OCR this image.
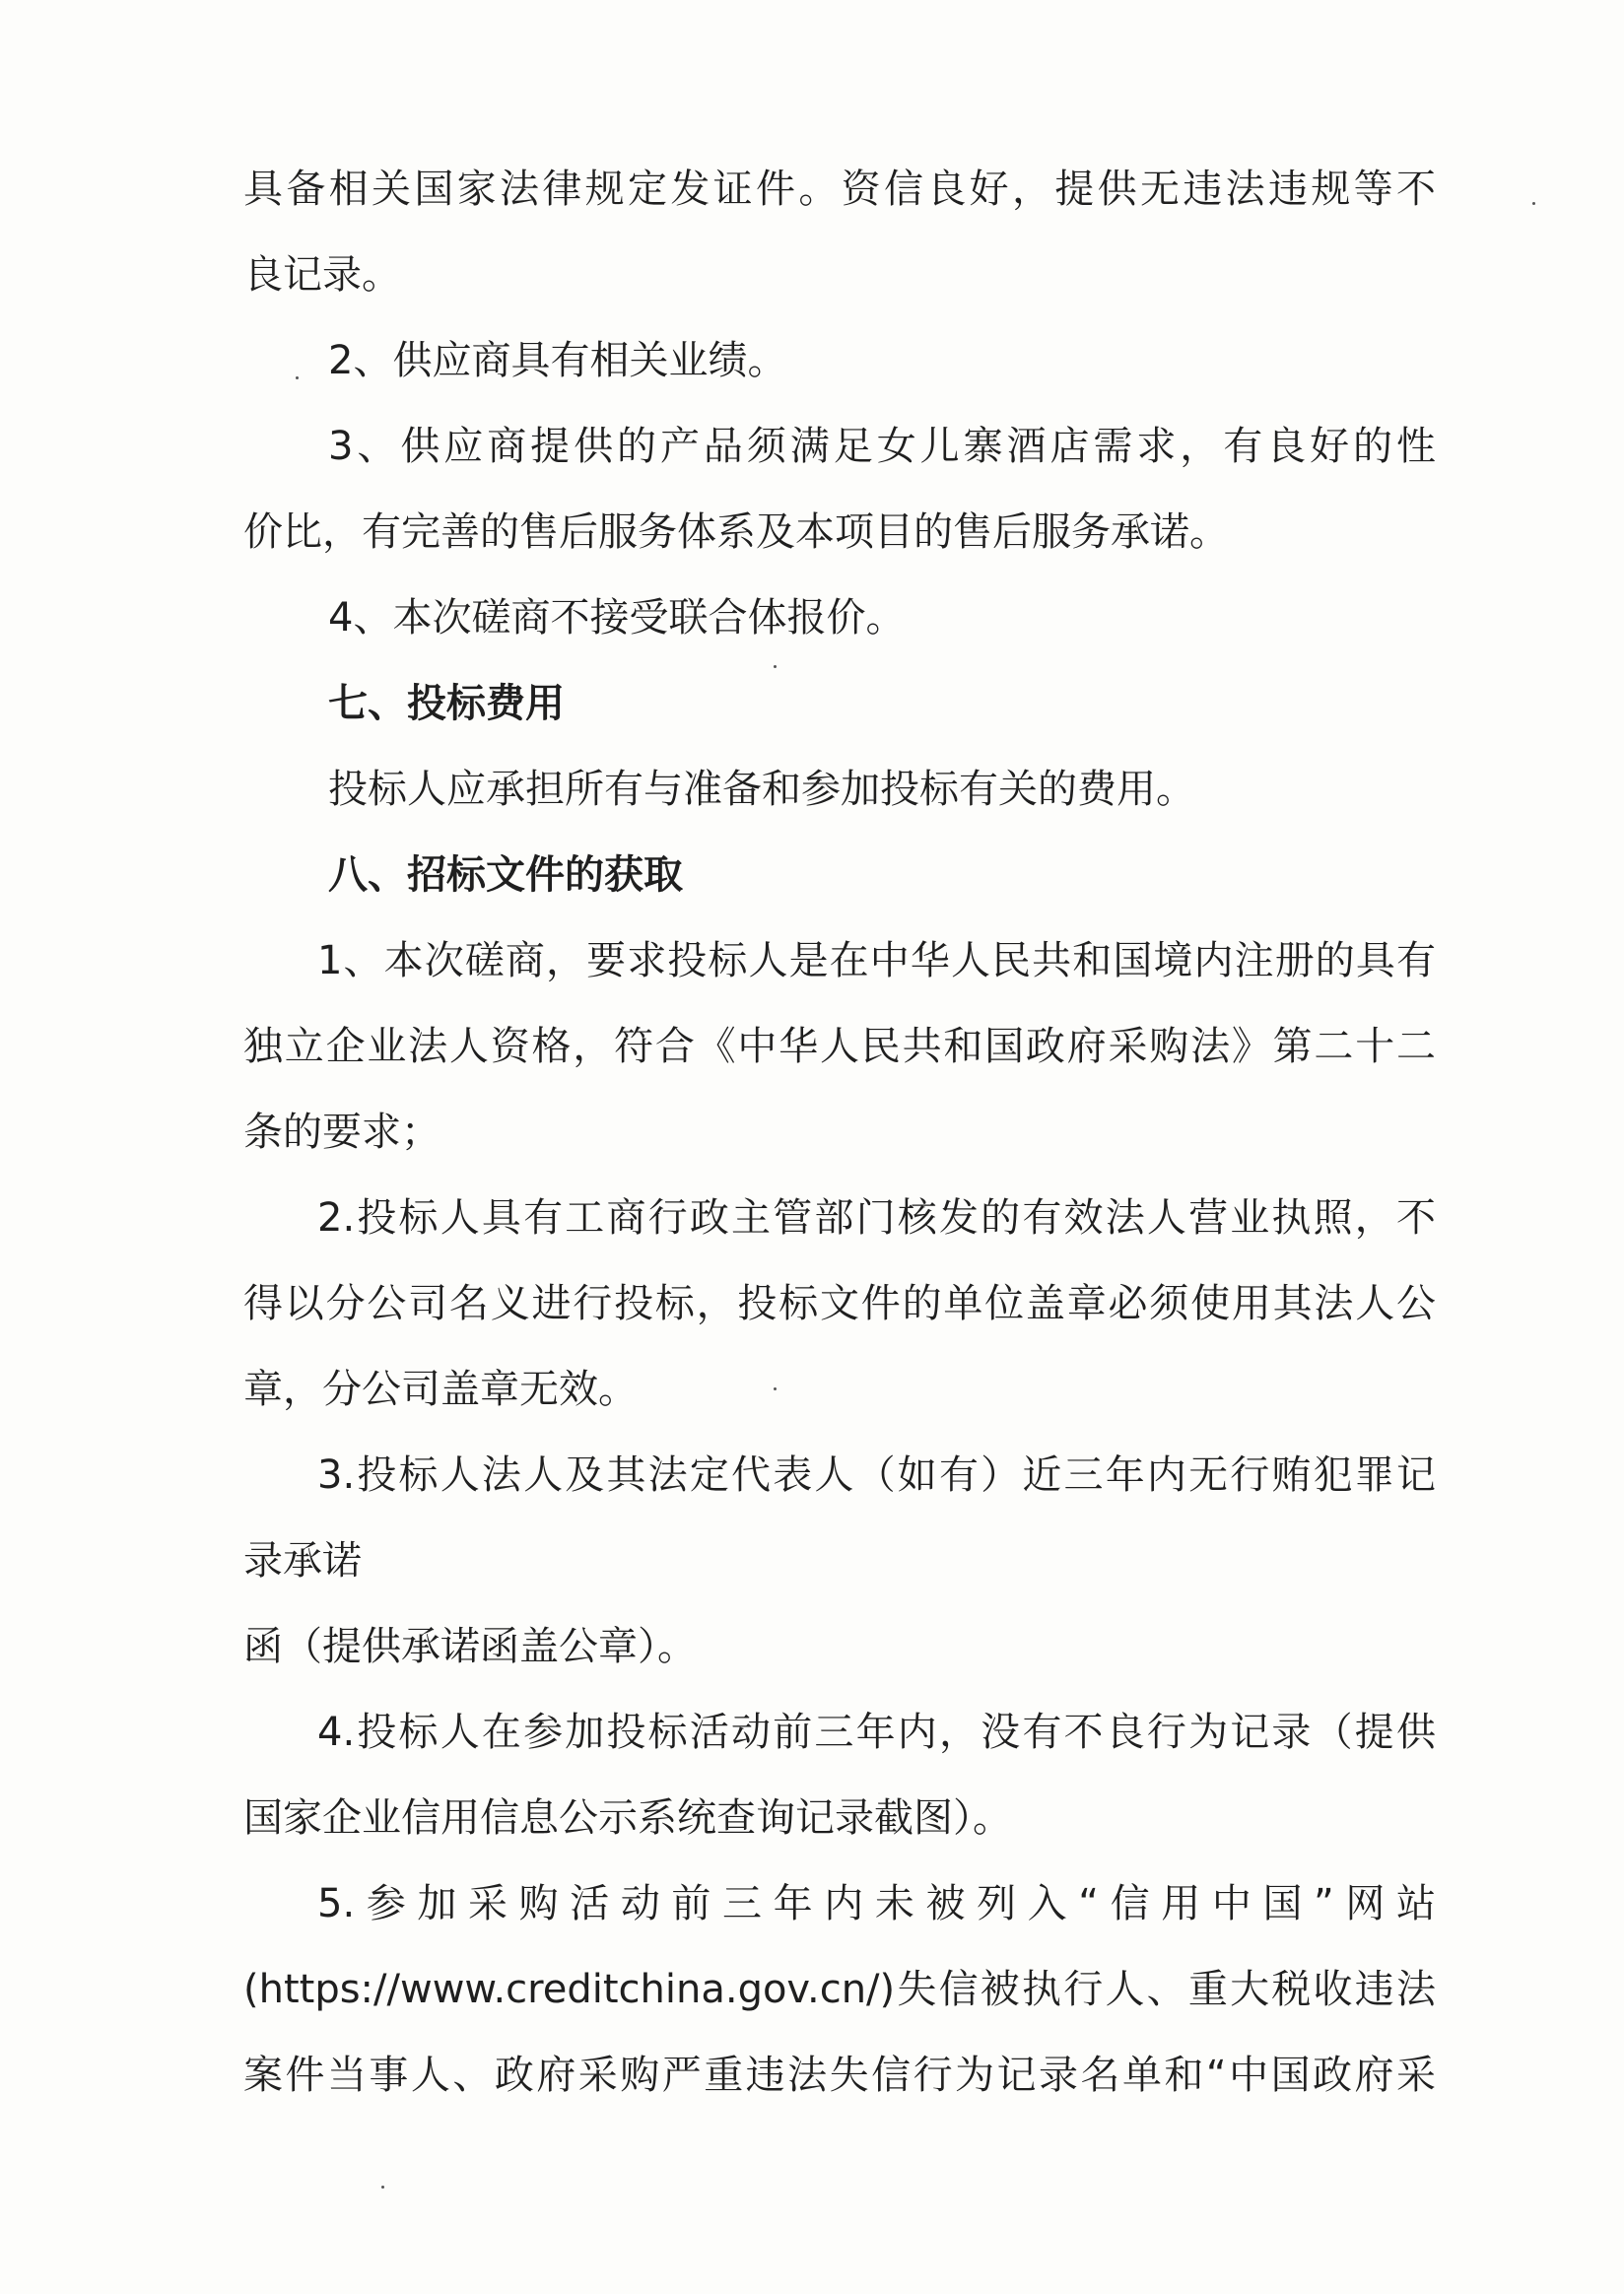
具备相关国家法律规定发证件。资信良好，提供无违法违规等不
良记录。
2、供应商具有相关业绩。
3、供应商提供的产品须满足女儿寨酒店需求，有良好的性
价比，有完善的售后服务体系及本项目的售后服务承诺。
4、本次磋商不接受联合体报价。
七、投标费用
投标人应承担所有与准备和参加投标有关的费用。
八、招标文件的获取
1、本次磋商，要求投标人是在中华人民共和国境内注册的具有
独立企业法人资格，符合《中华人民共和国政府采购法》第二十二
条的要求；
2.投标人具有工商行政主管部门核发的有效法人营业执照，不
得以分公司名义进行投标，投标文件的单位盖章必须使用其法人公
章，分公司盖章无效。
3.投标人法人及其法定代表人（如有）近三年内无行贿犯罪记
录承诺
函（提供承诺函盖公章）。
4.投标人在参加投标活动前三年内，没有不良行为记录（提供
国家企业信用信息公示系统查询记录截图）。
5.参加采购活动前三年内未被列入“信用中国”网站
(https://www.creditchina.gov.cn/)失信被执行人、重大税收违法
案件当事人、政府采购严重违法失信行为记录名单和“中国政府采
